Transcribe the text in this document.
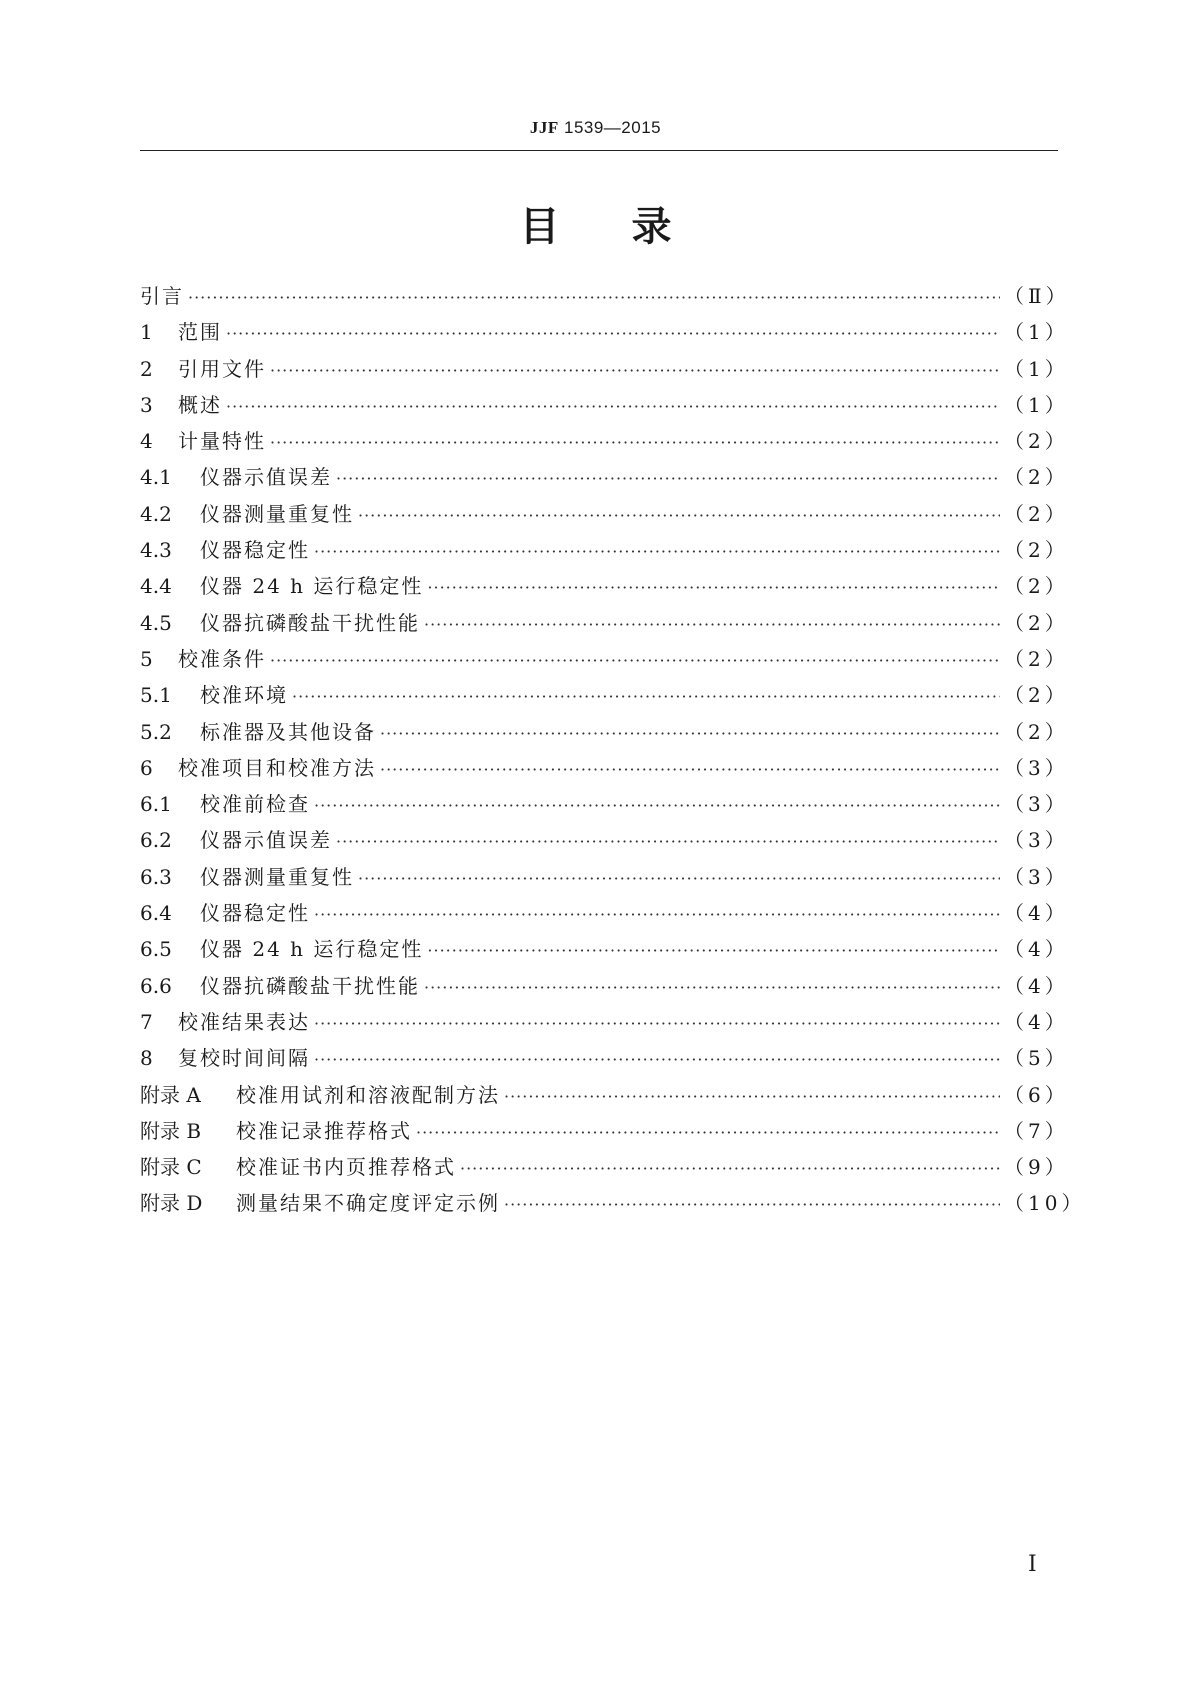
JJF 1539—2015
目录
引言 ·····	（Ⅱ）
1	范围 ·····	（1）
2	引用文件 ·····	（1）
3	概述 ·····	（1）
4	计量特性 ·····	（2）
4.1	仪器示值误差 ·····	（2）
4.2	仪器测量重复性 ·····	（2）
4.3	仪器稳定性 ·····	（2）
4.4	仪器 24 h 运行稳定性 ·····	（2）
4.5	仪器抗磷酸盐干扰性能 ·····	（2）
5	校准条件 ·····	（2）
5.1	校准环境 ·····	（2）
5.2	标准器及其他设备 ·····	（2）
6	校准项目和校准方法 ·····	（3）
6.1	校准前检查 ·····	（3）
6.2	仪器示值误差 ·····	（3）
6.3	仪器测量重复性 ·····	（3）
6.4	仪器稳定性 ·····	（4）
6.5	仪器 24 h 运行稳定性 ·····	（4）
6.6	仪器抗磷酸盐干扰性能 ·····	（4）
7	校准结果表达 ·····	（4）
8	复校时间间隔 ·····	（5）
附录 A	校准用试剂和溶液配制方法 ·····	（6）
附录 B	校准记录推荐格式 ·····	（7）
附录 C	校准证书内页推荐格式 ·····	（9）
附录 D	测量结果不确定度评定示例 ·····	（10）
Ⅰ
